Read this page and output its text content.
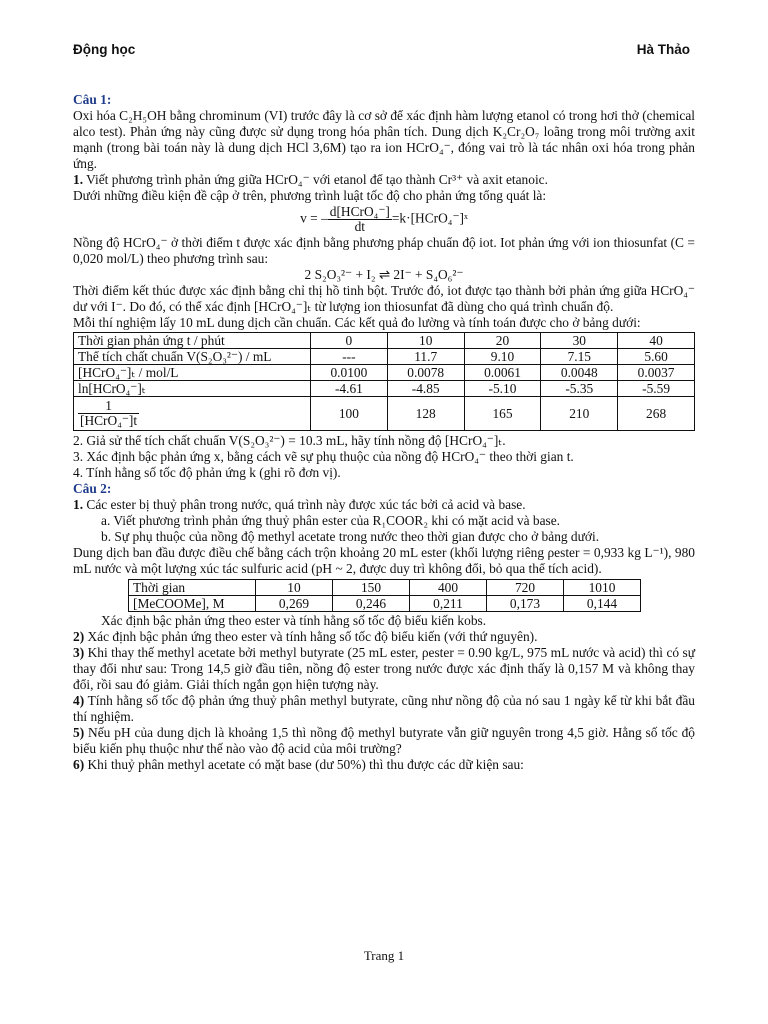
Động học	Hà Thảo

Câu 1:

Oxi hóa C₂H₅OH bằng chrominum (VI) trước đây là cơ sở để xác định hàm lượng etanol có trong hơi thở (chemical alco test). Phản ứng này cũng được sử dụng trong hóa phân tích. Dung dịch K₂Cr₂O₇ loãng trong môi trường axit mạnh (trong bài toán này là dung dịch HCl 3,6M) tạo ra ion HCrO₄⁻, đóng vai trò là tác nhân oxi hóa trong phản ứng.

1. Viết phương trình phản ứng giữa HCrO₄⁻ với etanol để tạo thành Cr³⁺ và axit etanoic.

Dưới những điều kiện đề cập ở trên, phương trình luật tốc độ cho phản ứng tổng quát là:

v = – $\frac{\text{d[HCrO₄⁻]}}{dt}$ =k·[HCrO₄⁻]ˣ

Nồng độ HCrO₄⁻ ở thời điểm t được xác định bằng phương pháp chuẩn độ iot. Iot phản ứng với ion thiosunfat (C = 0,020 mol/L) theo phương trình sau:

2 S₂O₃²⁻ + I₂ ⇌ 2I⁻ + S₄O₆²⁻

Thời điểm kết thúc được xác định bằng chỉ thị hồ tinh bột. Trước đó, iot được tạo thành bởi phản ứng giữa HCrO₄⁻ dư với I⁻. Do đó, có thể xác định [HCrO₄⁻]ₜ từ lượng ion thiosunfat đã dùng cho quá trình chuẩn độ.

Mỗi thí nghiệm lấy 10 mL dung dịch cần chuẩn. Các kết quả đo lường và tính toán được cho ở bảng dưới:

Thời gian phản ứng t / phút	0	10	20	30	40
Thể tích chất chuẩn V(S₂O₃²⁻) / mL	---	11.7	9.10	7.15	5.60
[HCrO₄⁻]ₜ / mol/L	0.0100	0.0078	0.0061	0.0048	0.0037
ln[HCrO₄⁻]ₜ	-4.61	-4.85	-5.10	-5.35	-5.59

$\frac{1}{\text{[HCrO₄⁻]t}}$	100	128	165	210	268

2. Giả sử thể tích chất chuẩn V(S₂O₃²⁻) = 10.3 mL, hãy tính nồng độ [HCrO₄⁻]ₜ.

3. Xác định bậc phản ứng x, bằng cách vẽ sự phụ thuộc của nồng độ HCrO₄⁻ theo thời gian t.

4. Tính hằng số tốc độ phản ứng k (ghi rõ đơn vị).

Câu 2:

1. Các ester bị thuỷ phân trong nước, quá trình này được xúc tác bởi cả acid và base.

a. Viết phương trình phản ứng thuỷ phân ester của R₁COOR₂ khi có mặt acid và base.

b. Sự phụ thuộc của nồng độ methyl acetate trong nước theo thời gian được cho ở bảng dưới.

Dung dịch ban đầu được điều chế bằng cách trộn khoảng 20 mL ester (khối lượng riêng ρester = 0,933 kg L⁻¹), 980 mL nước và một lượng xúc tác sulfuric acid (pH ~ 2, được duy trì không đổi, bỏ qua thể tích acid).

Thời gian	10	150	400	720	1010
[MeCOOMe], M	0,269	0,246	0,211	0,173	0,144

Xác định bậc phản ứng theo ester và tính hằng số tốc độ biểu kiến kobs.

2) Xác định bậc phản ứng theo ester và tính hằng số tốc độ biểu kiến (với thứ nguyên).

3) Khi thay thế methyl acetate bởi methyl butyrate (25 mL ester, ρester = 0.90 kg/L, 975 mL nước và acid) thì có sự thay đổi như sau: Trong 14,5 giờ đầu tiên, nồng độ ester trong nước được xác định thấy là 0,157 M và không thay đổi, rồi sau đó giảm. Giải thích ngắn gọn hiện tượng này.

4) Tính hằng số tốc độ phản ứng thuỷ phân methyl butyrate, cũng như nồng độ của nó sau 1 ngày kể từ khi bắt đầu thí nghiệm.

5) Nếu pH của dung dịch là khoảng 1,5 thì nồng độ methyl butyrate vẫn giữ nguyên trong 4,5 giờ. Hằng số tốc độ biểu kiến phụ thuộc như thế nào vào độ acid của môi trường?

6) Khi thuỷ phân methyl acetate có mặt base (dư 50%) thì thu được các dữ kiện sau:

Trang 1
